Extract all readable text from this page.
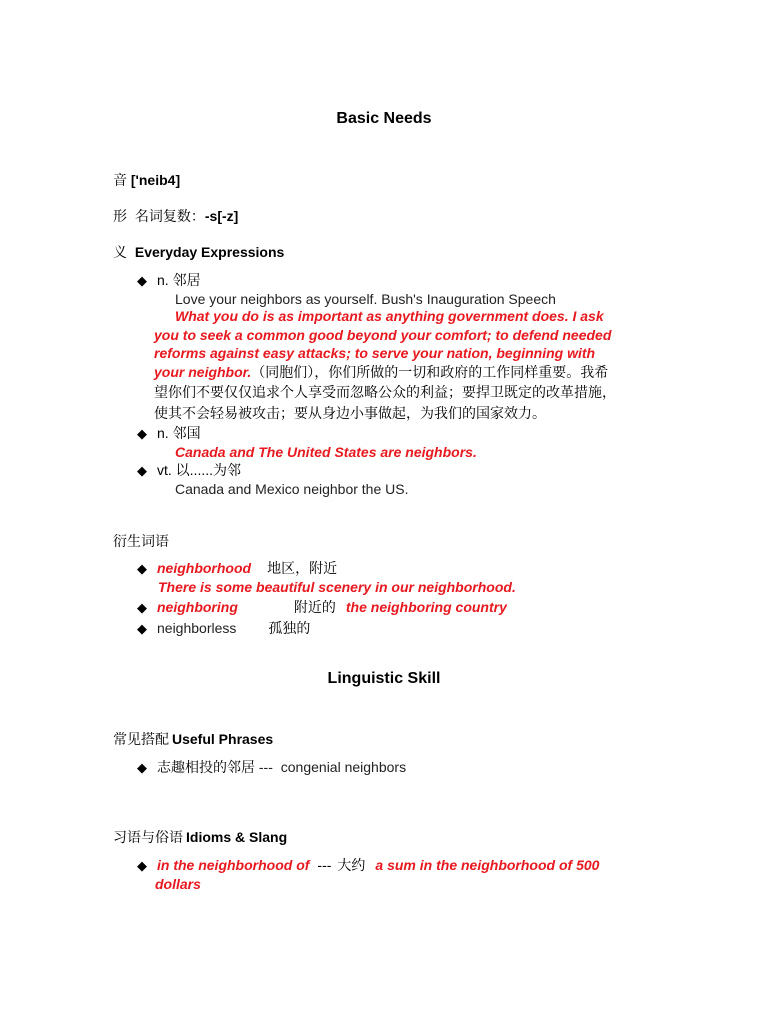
Basic Needs
音 ['neib4]
形 名词复数：-s[-z]
义 Everyday Expressions
◆ n. 邻居
Love your neighbors as yourself. Bush's Inauguration Speech
What you do is as important as anything government does. I ask
you to seek a common good beyond your comfort; to defend needed
reforms against easy attacks; to serve your nation, beginning with
your neighbor.（同胞们），你们所做的一切和政府的工作同样重要。我希
望你们不要仅仅追求个人享受而忽略公众的利益；要捍卫既定的改革措施，
使其不会轻易被攻击；要从身边小事做起，为我们的国家效力。
◆ n. 邻国
Canada and The United States are neighbors.
◆ vt. 以......为邻
Canada and Mexico neighbor the US.
衍生词语
◆ neighborhood 地区，附近
There is some beautiful scenery in our neighborhood.
◆ neighboring	附近的 the neighboring country
◆ neighborless 孤独的
Linguistic Skill
常见搭配 Useful Phrases
◆ 志趣相投的邻居 --- congenial neighbors
习语与俗语 Idioms & Slang
◆ in the neighborhood of --- 大约 a sum in the neighborhood of 500
dollars
